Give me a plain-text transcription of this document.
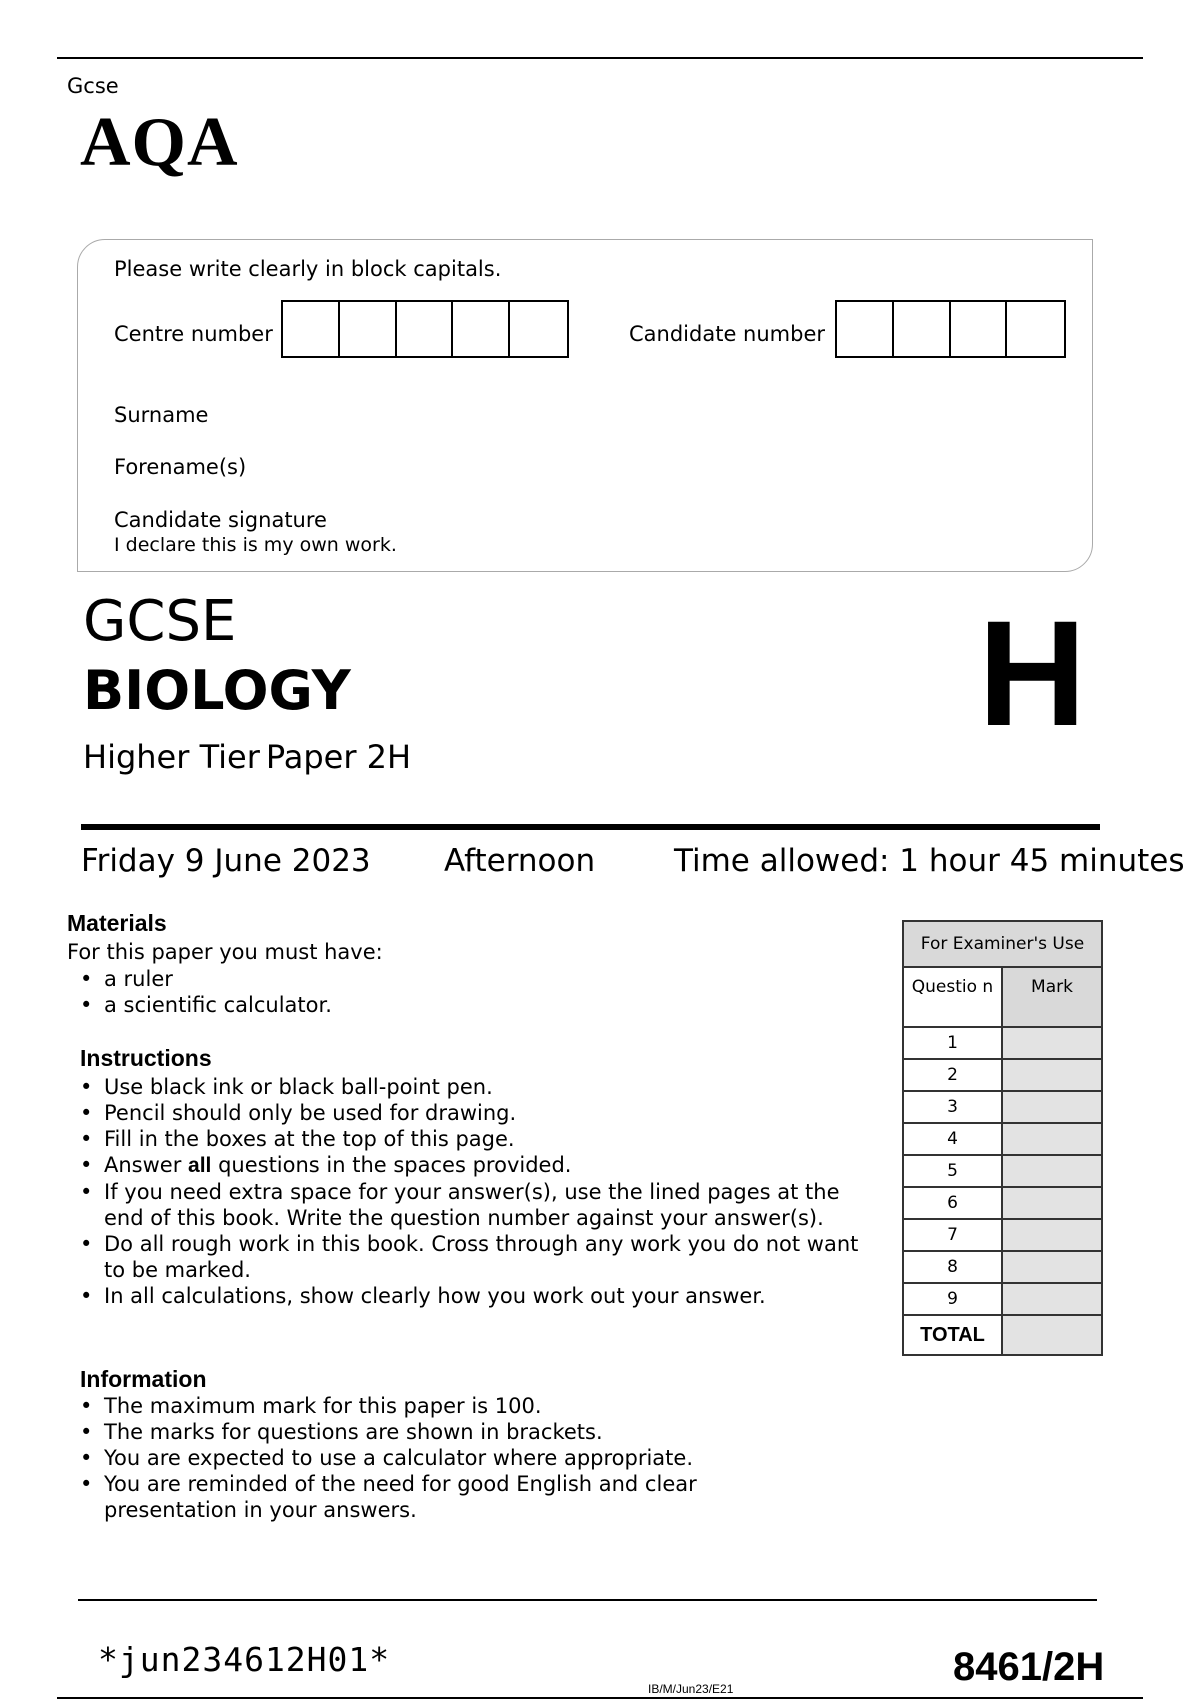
Gcse
AQA
Please write clearly in block capitals.
Centre number	Candidate number
Surname
Forename(s)
Candidate signature
I declare this is my own work.
GCSE
BIOLOGY
Higher Tier Paper 2H	H
Friday 9 June 2023 Afternoon	Time allowed: 1 hour 45 minutes
Materials
For this paper you must have:
• a ruler
• a scientific calculator.
Instructions
• Use black ink or black ball-point pen.
• Pencil should only be used for drawing.
• Fill in the boxes at the top of this page.
• Answer all questions in the spaces provided.
• If you need extra space for your answer(s), use the lined pages at the end of this book. Write the question number against your answer(s).
• Do all rough work in this book. Cross through any work you do not want to be marked.
• In all calculations, show clearly how you work out your answer.
Information
• The maximum mark for this paper is 100.
• The marks for questions are shown in brackets.
• You are expected to use a calculator where appropriate.
• You are reminded of the need for good English and clear presentation in your answers.
For Examiner's Use	
Questio n	Mark
1	
2	
3	
4	
5	
6	
7	
8	
9	
TOTAL	
*jun234612H01*
IB/M/Jun23/E21	8461/2H
